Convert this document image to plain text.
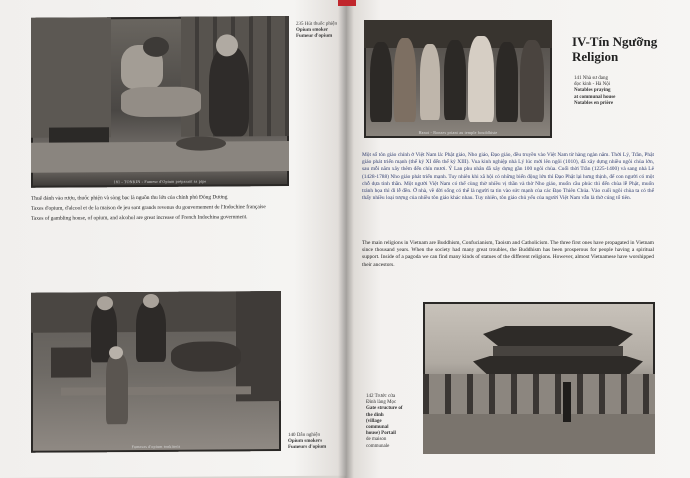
181 - TONKIN - Fumeur d'Opium préparant sa pipe
235 Hút thuốc phiện
Opium smoker
Fumeur d'opium

Thuế đánh vào rượu, thuốc phiện và sòng bạc là nguồn thu lớn của chính phủ Đông Dương

Taxes d'opium, d'alcool et de la maison de jeu sont grands revenus du gouvernement de l'Indochine française

Taxes of gambling house, of opium, and alcohol are great increase of French Indochina government.

Fumeurs d'opium tonkinois
140 Dân nghiện
Opium smokers
Fumeurs d'opium
Hanoi - Bonzes priant au temple bouddhiste
IV-Tín Ngưỡng
Religion
141 Nhà sư đang
đọc kinh - Hà Nội
Notables praying
at communal house
Notables en prière

Một số tôn giáo chính ở Việt Nam là: Phật giáo, Nho giáo, Đạo giáo, đều truyền vào Việt Nam từ hàng ngàn năm. Thời Lý, Trần, Phật giáo phát triển mạnh (thế kỷ XI đến thế kỷ XIII). Vua kinh nghiệp nhà Lý lúc mới lên ngôi (1010), đã xây dựng nhiều ngôi chùa lớn, sau mỗi năm xây thêm đến chín mươi. Ý Lan phu nhân đã xây dựng gần 100 ngôi chùa. Cuối thời Trần (1225-1400) và sang nhà Lê (1428-1788) Nho giáo phát triển mạnh. Tuy nhiên khi xã hội có những biến động lớn thì Đạo Phật lại hưng thịnh, để con người có một chỗ dựa tinh thần. Một người Việt Nam có thể cùng thờ nhiều vị thần và thờ Nho giáo, muốn cầu phúc thì đến chùa lễ Phật, muốn tránh họa thì đi lễ đền. Ở nhà, về đời sống có thể là người ta tin vào sức mạnh của các Đạo Thiên Chúa. Vào cuối ngôi chùa ta có thể thấy nhiều loại tượng của nhiều tôn giáo khác nhau. Tuy nhiên, tôn giáo chủ yếu của người Việt Nam vẫn là thờ cúng tổ tiên.

The main religions in Vietnam are Buddhism, Confucianism, Taoism and Catholicism. The three first ones have propagated in Vietnam since thousand years. When the society had many great troubles, the Buddhism has been prosperous for people having a spiritual support. Inside of a pagoda we can find many kinds of statues of the different religions. However, almost Vietnamese have worshipped their ancestors.

142 Trước cửa
Đình làng Mọc
Gate structure of
the dinh
(village
communal
house) Portail
de maison
communale
